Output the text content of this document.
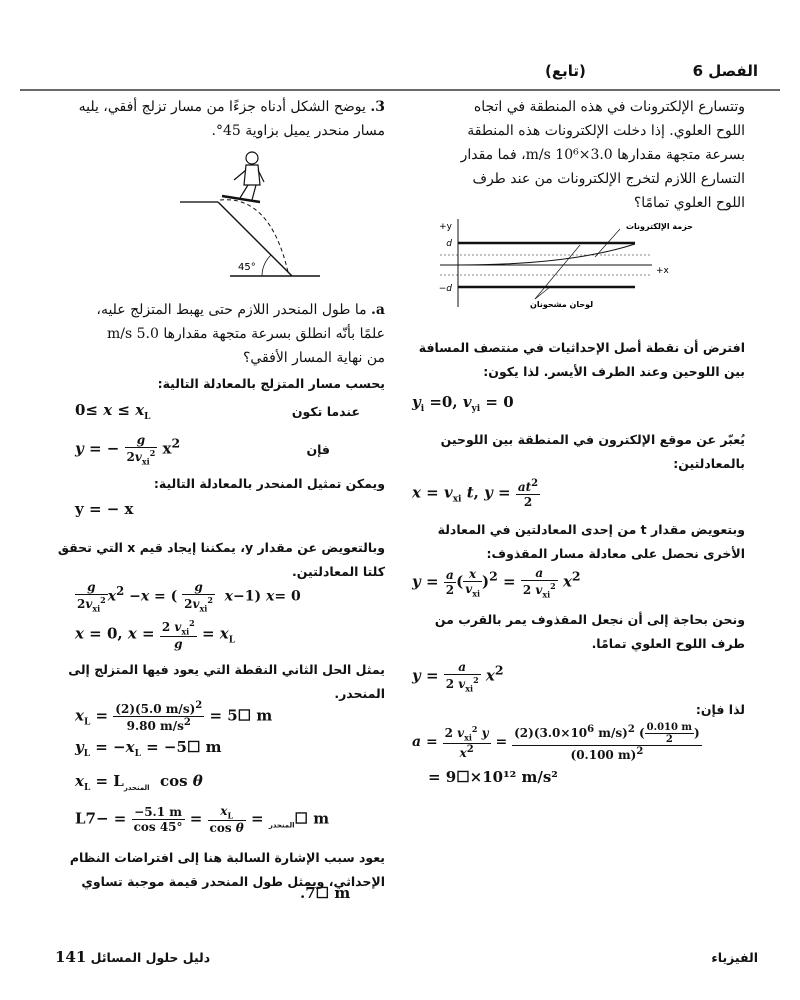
الفصل 6
(تابع)
وتتسارع الإلكترونات في هذه المنطقة في اتجاه
اللوح العلوي. إذا دخلت الإلكترونات هذه المنطقة
بسرعة متجهة مقدارها 3.0×10⁶ m/s، فما مقدار
التسارع اللازم لتخرج الإلكترونات من عند طرف
اللوح العلوي تمامًا؟
+y
+x
d
−d
حزمة الإلكترونات
لوحان مشحونان
افترض أن نقطة أصل الإحداثيات في منتصف المسافة بين اللوحين وعند الطرف الأيسر. لذا يكون:
$y_i =0$, $v_{yi} = 0$
يُعبّر عن موقع الإلكترون في المنطقة بين اللوحين بالمعادلتين:
$x = v_{xi}$ t, $y = \frac{at^2}{2}$
وبتعويض مقدار t من إحدى المعادلتين في المعادلة الأخرى نحصل على معادلة مسار المقذوف:
$y = \frac{a}{2}$ ( $\frac{x}{v_{xi}} )^2 = \frac{a}{2 v_{xi}^2} x^2$
ونحن بحاجة إلى أن نجعل المقذوف يمر بالقرب من طرف اللوح العلوي تمامًا.
$y = \frac{a}{2 v_{xi}^2} x^2$
لذا فإن:
$a = \frac{2 v_{xi}^2 y}{x^2} = \frac{(2)(3.0\times 10^6 m/s)^2 ( \frac{0.010 m}{2} )}{(0.100 m)^2}$
= 9☐×10¹² m/s²
3. يوضح الشكل أدناه جزءًا من مسار تزلج أفقي، يليه
مسار منحدر يميل بزاوية 45°.
45°
a. ما طول المنحدر اللازم حتى يهبط المتزلج عليه،
علمًا بأنّه انطلق بسرعة متجهة مقدارها 5.0 m/s
من نهاية المسار الأفقي؟
يحسب مسار المتزلج بالمعادلة التالية:
عندما تكون
$0\le x \le x_L$
فإن
y = − $\frac{g}{2v_{xi}^2} x^2$
ويمكن تمثيل المنحدر بالمعادلة التالية:
y = − x
وبالتعويض عن مقدار y، يمكننا إيجاد قيم x التي تحقق كلتا المعادلتين.
$\frac{g}{2v_{xi}^2} x^2 -x$ = ( $\frac{g}{2v_{xi}^2} x-1$) x= 0
x = 0, $x = \frac{2 v_{xi}^2}{g} = x_L$
يمثل الحل الثاني النقطة التي يعود فيها المتزلج إلى المنحدر.
$x_L = \frac{(2)(5.0 m/s)^2}{9.80 m/s^2}$ = 5☐ m
$y_L = -x_L$ = −5☐ m
$x_L = L_{المنحدر}$  cos θ
L	$_{المنحدر}$ =
$\frac{x_L}{\text{cos θ}}$
=
$\frac{-5.1 m}{\cos 45^\circ}$
= −7☐ m
يعود سبب الإشارة السالبة هنا إلى افتراضات النظام الإحداثي، ويمثل طول المنحدر قيمة موجبة تساوي
.7☐ m
141 دليل حلول المسائل	الفيزياء
